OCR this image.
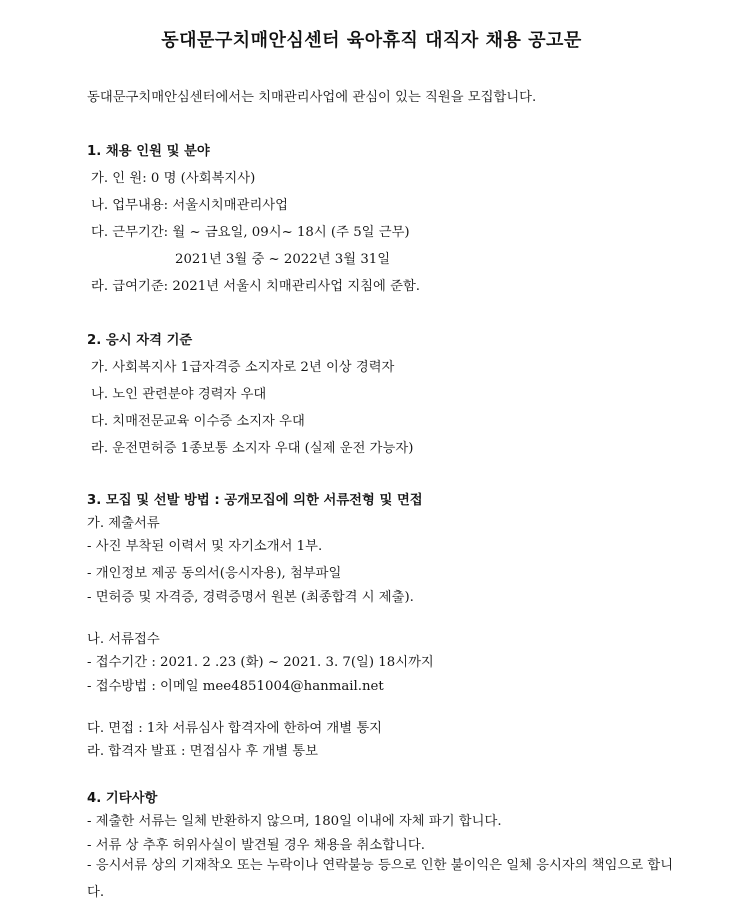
동대문구치매안심센터 육아휴직 대직자 채용 공고문
동대문구치매안심센터에서는 치매관리사업에 관심이 있는 직원을 모집합니다.
1. 채용 인원 및 분야
가. 인 원: 0 명 (사회복지사)
나. 업무내용: 서울시치매관리사업
다. 근무기간: 월 ~ 금요일, 09시~ 18시 (주 5일 근무)
2021년 3월 중 ~ 2022년 3월 31일
라. 급여기준: 2021년 서울시 치매관리사업 지침에 준함.
2. 응시 자격 기준
가. 사회복지사 1급자격증 소지자로 2년 이상 경력자
나. 노인 관련분야 경력자 우대
다. 치매전문교육 이수증 소지자 우대
라. 운전면허증 1종보통 소지자 우대 (실제 운전 가능자)
3. 모집 및 선발 방법 : 공개모집에 의한 서류전형 및 면접
가. 제출서류
- 사진 부착된 이력서 및 자기소개서 1부.
- 개인정보 제공 동의서(응시자용), 첨부파일
- 면허증 및 자격증, 경력증명서 원본 (최종합격 시 제출).
나. 서류접수
- 접수기간 : 2021. 2 .23 (화) ~ 2021. 3. 7(일) 18시까지
- 접수방법 : 이메일 mee4851004@hanmail.net
다. 면접 : 1차 서류심사 합격자에 한하여 개별 통지
라. 합격자 발표 : 면접심사 후 개별 통보
4. 기타사항
- 제출한 서류는 일체 반환하지 않으며, 180일 이내에 자체 파기 합니다.
- 서류 상 추후 허위사실이 발견될 경우 채용을 취소합니다.
- 응시서류 상의 기재착오 또는 누락이나 연락불능 등으로 인한 불이익은 일체 응시자의 책임으로 합니다.
